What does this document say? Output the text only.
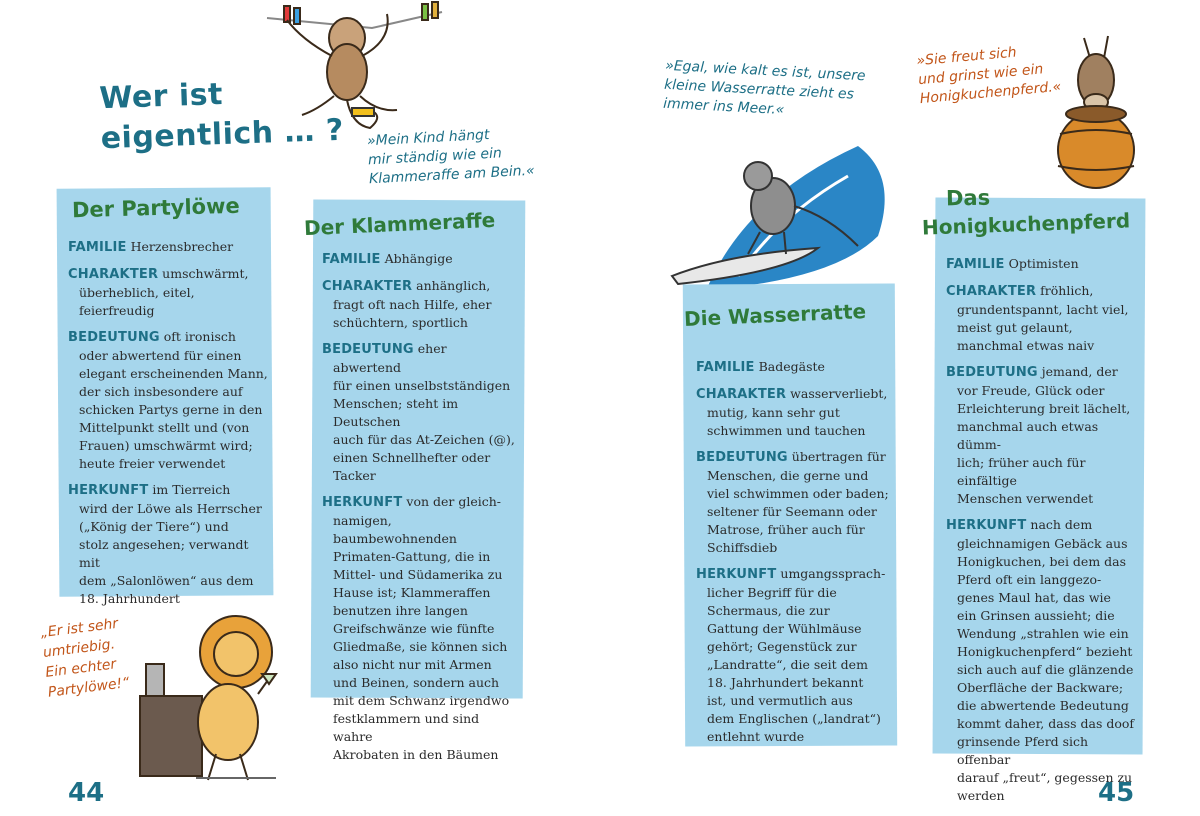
Wer ist
eigentlich … ? »Mein Kind hängt
mir ständig wie ein
Klammeraffe am Bein.«
Der Partylöwe
FAMILIE Herzensbrecher
CHARAKTER umschwärmt,
überheblich, eitel,
feierfreudig
BEDEUTUNG oft ironisch
oder abwertend für einen
elegant erscheinenden Mann,
der sich insbesondere auf
schicken Partys gerne in den
Mittelpunkt stellt und (von
Frauen) umschwärmt wird;
heute freier verwendet
HERKUNFT im Tierreich
wird der Löwe als Herrscher
(„König der Tiere“) und
stolz angesehen; verwandt mit
dem „Salonlöwen“ aus dem
18. Jahrhundert
„Er ist sehr
umtriebig.
Ein echter
Partylöwe!“
Der Klammeraffe
FAMILIE Abhängige
CHARAKTER anhänglich,
fragt oft nach Hilfe, eher
schüchtern, sportlich
BEDEUTUNG eher abwertend
für einen unselbstständigen
Menschen; steht im Deutschen
auch für das At-Zeichen (@),
einen Schnellhefter oder
Tacker
HERKUNFT von der gleich-
namigen, baumbewohnenden
Primaten-Gattung, die in
Mittel- und Südamerika zu
Hause ist; Klammeraffen
benutzen ihre langen
Greifschwänze wie fünfte
Gliedmaße, sie können sich
also nicht nur mit Armen
und Beinen, sondern auch
mit dem Schwanz irgendwo
festklammern und sind wahre
Akrobaten in den Bäumen
44
»Egal, wie kalt es ist, unsere
kleine Wasserratte zieht es
immer ins Meer.«
Die Wasserratte
FAMILIE Badegäste
CHARAKTER wasserverliebt,
mutig, kann sehr gut
schwimmen und tauchen
BEDEUTUNG übertragen für
Menschen, die gerne und
viel schwimmen oder baden;
seltener für Seemann oder
Matrose, früher auch für
Schiffsdieb
HERKUNFT umgangssprach-
licher Begriff für die
Schermaus, die zur
Gattung der Wühlmäuse
gehört; Gegenstück zur
„Landratte“, die seit dem
18. Jahrhundert bekannt
ist, und vermutlich aus
dem Englischen („landrat“)
entlehnt wurde
»Sie freut sich
und grinst wie ein
Honigkuchenpferd.«
Das
Honigkuchenpferd
FAMILIE Optimisten
CHARAKTER fröhlich,
grundentspannt, lacht viel,
meist gut gelaunt,
manchmal etwas naiv
BEDEUTUNG jemand, der
vor Freude, Glück oder
Erleichterung breit lächelt,
manchmal auch etwas dümm-
lich; früher auch für einfältige
Menschen verwendet
HERKUNFT nach dem
gleichnamigen Gebäck aus
Honigkuchen, bei dem das
Pferd oft ein langgezo-
genes Maul hat, das wie
ein Grinsen aussieht; die
Wendung „strahlen wie ein
Honigkuchenpferd“ bezieht
sich auch auf die glänzende
Oberfläche der Backware;
die abwertende Bedeutung
kommt daher, dass das doof
grinsende Pferd sich offenbar
darauf „freut“, gegessen zu
werden	45
